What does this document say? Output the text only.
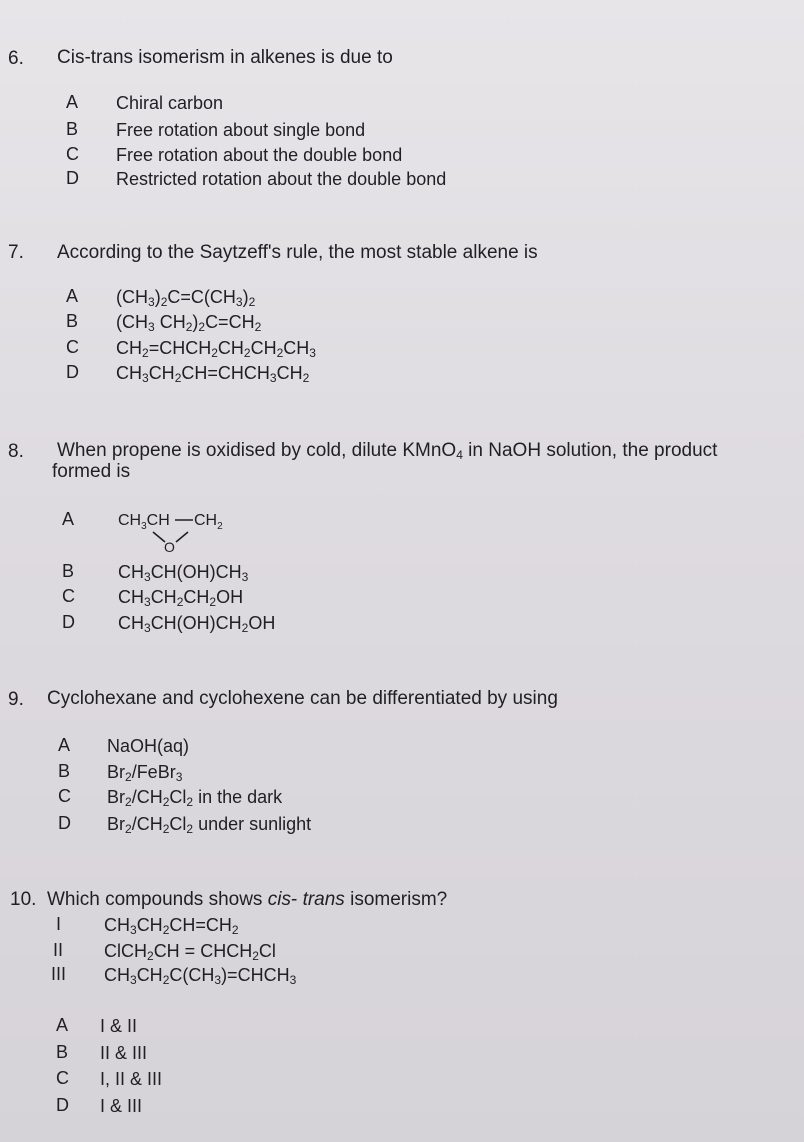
6. Cis-trans isomerism in alkenes is due to
A Chiral carbon
B Free rotation about single bond
C Free rotation about the double bond
D Restricted rotation about the double bond
7. According to the Saytzeff's rule, the most stable alkene is
A $(CH_3)_2C=C(CH_3)_2$
B ($CH_3$ $CH_2)_2C=CH_2$
C $CH_2=CHCH_2CH_2CH_2CH_3$
D $CH_3CH_2CH=CHCH_3CH_2$
8. When propene is oxidised by cold, dilute KMnO$_4$ in NaOH solution, the product
formed is
A	$CH_3CH$ $CH_2$
O
B $CH_3CH(OH)CH_3$
C $CH_3CH_2CH_2OH$
D $CH_3CH(OH)CH_2OH$
9. Cyclohexane and cyclohexene can be differentiated by using
A NaOH(aq)
B $Br_2/FeBr_3$
C $Br_2/CH_2Cl_2$ in the dark
D $Br_2/CH_2Cl_2$ under sunlight
10. Which compounds shows cis- trans isomerism?
I $CH_3CH_2CH=CH_2$
II ClCH$_2$CH = $CHCH_2Cl$
III $CH_3CH_2C(CH_3)=CHCH_3$
A I & II
B II & III
C I, II & III
D I & III
